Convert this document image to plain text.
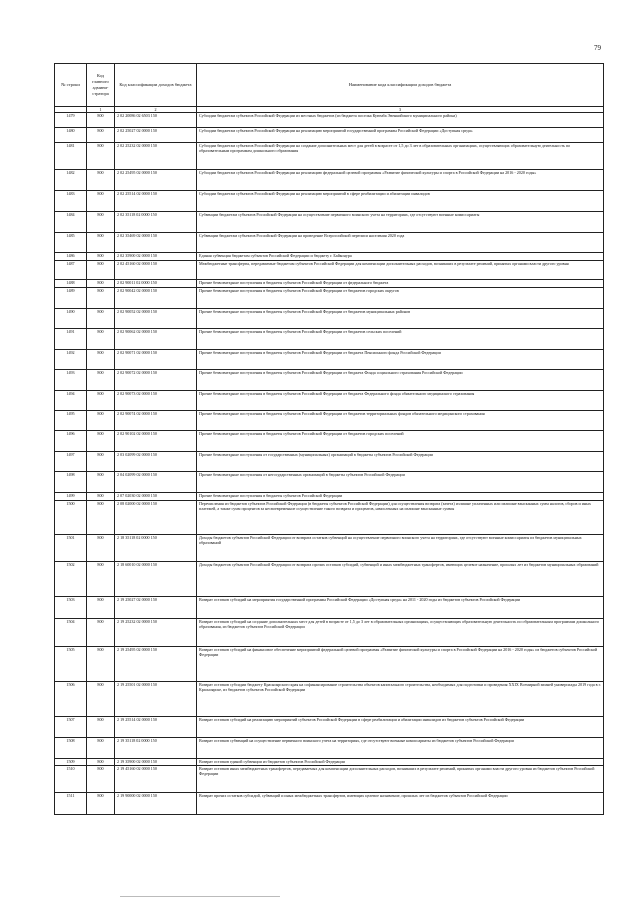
79
№ строки	Код главного админи- стратора	Код классификации доходов бюджета	Наименование кода классификации доходов бюджета
	1	2	3
1479	800	2 02 20086 02 6503 150	Субсидии бюджетам субъектов Российской Федерации из местных бюджетов (из бюджета поселка Куюмба Эвенкийского муниципального района)
1480	800	2 02 25027 02 0000 150	Субсидии бюджетам субъектов Российской Федерации на реализацию мероприятий государственной программы Российской Федерации «Доступная среда»
1481	800	2 02 25232 02 0000 150	Субсидии бюджетам субъектов Российской Федерации на создание дополнительных мест для детей в возрасте от 1,5 до 3 лет в образовательных организациях, осуществляющих образовательную деятельность по образовательным программам дошкольного образования
1482	800	2 02 25495 02 0000 150	Субсидии бюджетам субъектов Российской Федерации на реализацию федеральной целевой программы «Развитие физической культуры и спорта в Российской Федерации на 2016 - 2020 годы»
1483	800	2 02 25514 02 0000 150	Субсидии бюджетам субъектов Российской Федерации на реализацию мероприятий в сфере реабилитации и абилитации инвалидов
1484	800	2 02 35118 02 0000 150	Субвенции бюджетам субъектов Российской Федерации на осуществление первичного воинского учета на территориях, где отсутствуют военные комиссариаты
1485	800	2 02 35469 02 0000 150	Субвенции бюджетам субъектов Российской Федерации на проведение Всероссийской переписи населения 2020 года
1486	800	2 02 35900 02 0000 150	Единая субвенция бюджетам субъектов Российской Федерации и бюджету г. Байконура
1487	800	2 02 45160 02 0000 150	Межбюджетные трансферты, передаваемые бюджетам субъектов Российской Федерации для компенсации дополнительных расходов, возникших в результате решений, принятых органами власти другого уровня
1488	800	2 02 90011 02 0000 150	Прочие безвозмездные поступления в бюджеты субъектов Российской Федерации от федерального бюджета
1489	800	2 02 90042 02 0000 150	Прочие безвозмездные поступления в бюджеты субъектов Российской Федерации от бюджетов городских округов
1490	800	2 02 90052 02 0000 150	Прочие безвозмездные поступления в бюджеты субъектов Российской Федерации от бюджетов муниципальных районов
1491	800	2 02 90062 02 0000 150	Прочие безвозмездные поступления в бюджеты субъектов Российской Федерации от бюджетов сельских поселений
1492	800	2 02 90071 02 0000 150	Прочие безвозмездные поступления в бюджеты субъектов Российской Федерации от бюджета Пенсионного фонда Российской Федерации
1493	800	2 02 90072 02 0000 150	Прочие безвозмездные поступления в бюджеты субъектов Российской Федерации от бюджета Фонда социального страхования Российской Федерации
1494	800	2 02 90073 02 0000 150	Прочие безвозмездные поступления в бюджеты субъектов Российской Федерации от бюджета Федерального фонда обязательного медицинского страхования
1495	800	2 02 90074 02 0000 150	Прочие безвозмездные поступления в бюджеты субъектов Российской Федерации от бюджетов территориальных фондов обязательного медицинского страхования
1496	800	2 02 90102 02 0000 150	Прочие безвозмездные поступления в бюджеты субъектов Российской Федерации от бюджетов городских поселений
1497	800	2 03 02099 02 0000 150	Прочие безвозмездные поступления от государственных (муниципальных) организаций в бюджеты субъектов Российской Федерации
1498	800	2 04 02099 02 0000 150	Прочие безвозмездные поступления от негосударственных организаций в бюджеты субъектов Российской Федерации
1499	800	2 07 02030 02 0000 150	Прочие безвозмездные поступления в бюджеты субъектов Российской Федерации
1500	800	2 08 02000 02 0000 150	Перечисления из бюджетов субъектов Российской Федерации (в бюджеты субъектов Российской Федерации) для осуществления возврата (зачета) излишне уплаченных или излишне взысканных сумм налогов, сборов и иных платежей, а также сумм процентов за несвоевременное осуществление такого возврата и процентов, начисленных на излишне взысканные суммы
1501	800	2 18 35118 02 0000 150	Доходы бюджетов субъектов Российской Федерации от возврата остатков субвенций на осуществление первичного воинского учета на территориях, где отсутствуют военные комиссариаты из бюджетов муниципальных образований
1502	800	2 18 60010 02 0000 150	Доходы бюджетов субъектов Российской Федерации от возврата прочих остатков субсидий, субвенций и иных межбюджетных трансфертов, имеющих целевое назначение, прошлых лет из бюджетов муниципальных образований
1503	800	2 19 25027 02 0000 150	Возврат остатков субсидий на мероприятия государственной программы Российской Федерации «Доступная среда» на 2011 - 2020 годы из бюджетов субъектов Российской Федерации
1504	800	2 19 25232 02 0000 150	Возврат остатков субсидий на создание дополнительных мест для детей в возрасте от 1,5 до 3 лет в образовательных организациях, осуществляющих образовательную деятельность по образовательным программам дошкольного образования, из бюджетов субъектов Российской Федерации
1505	800	2 19 25495 02 0000 150	Возврат остатков субсидий на финансовое обеспечение мероприятий федеральной целевой программы «Развитие физической культуры и спорта в Российской Федерации на 2016 - 2020 годы» из бюджетов субъектов Российской Федерации
1506	800	2 19 25501 02 0000 150	Возврат остатков субсидии бюджету Красноярского края на софинансирование строительства объектов капитального строительства, необходимых для подготовки и проведения XXIX Всемирной зимней универсиады 2019 года в г. Красноярске, из бюджетов субъектов Российской Федерации
1507	800	2 19 25514 02 0000 150	Возврат остатков субсидий на реализацию мероприятий субъектов Российской Федерации в сфере реабилитации и абилитации инвалидов из бюджетов субъектов Российской Федерации
1508	800	2 19 35118 02 0000 150	Возврат остатков субвенций на осуществление первичного воинского учета на территориях, где отсутствуют военные комиссариаты из бюджетов субъектов Российской Федерации
1509	800	2 19 35900 02 0000 150	Возврат остатков единой субвенции из бюджетов субъектов Российской Федерации
1510	800	2 19 45160 02 0000 150	Возврат остатков иных межбюджетных трансфертов, передаваемых для компенсации дополнительных расходов, возникших в результате решений, принятых органами власти другого уровня из бюджетов субъектов Российской Федерации
1511	800	2 19 90000 02 0000 150	Возврат прочих остатков субсидий, субвенций и иных межбюджетных трансфертов, имеющих целевое назначение, прошлых лет из бюджетов субъектов Российской Федерации
